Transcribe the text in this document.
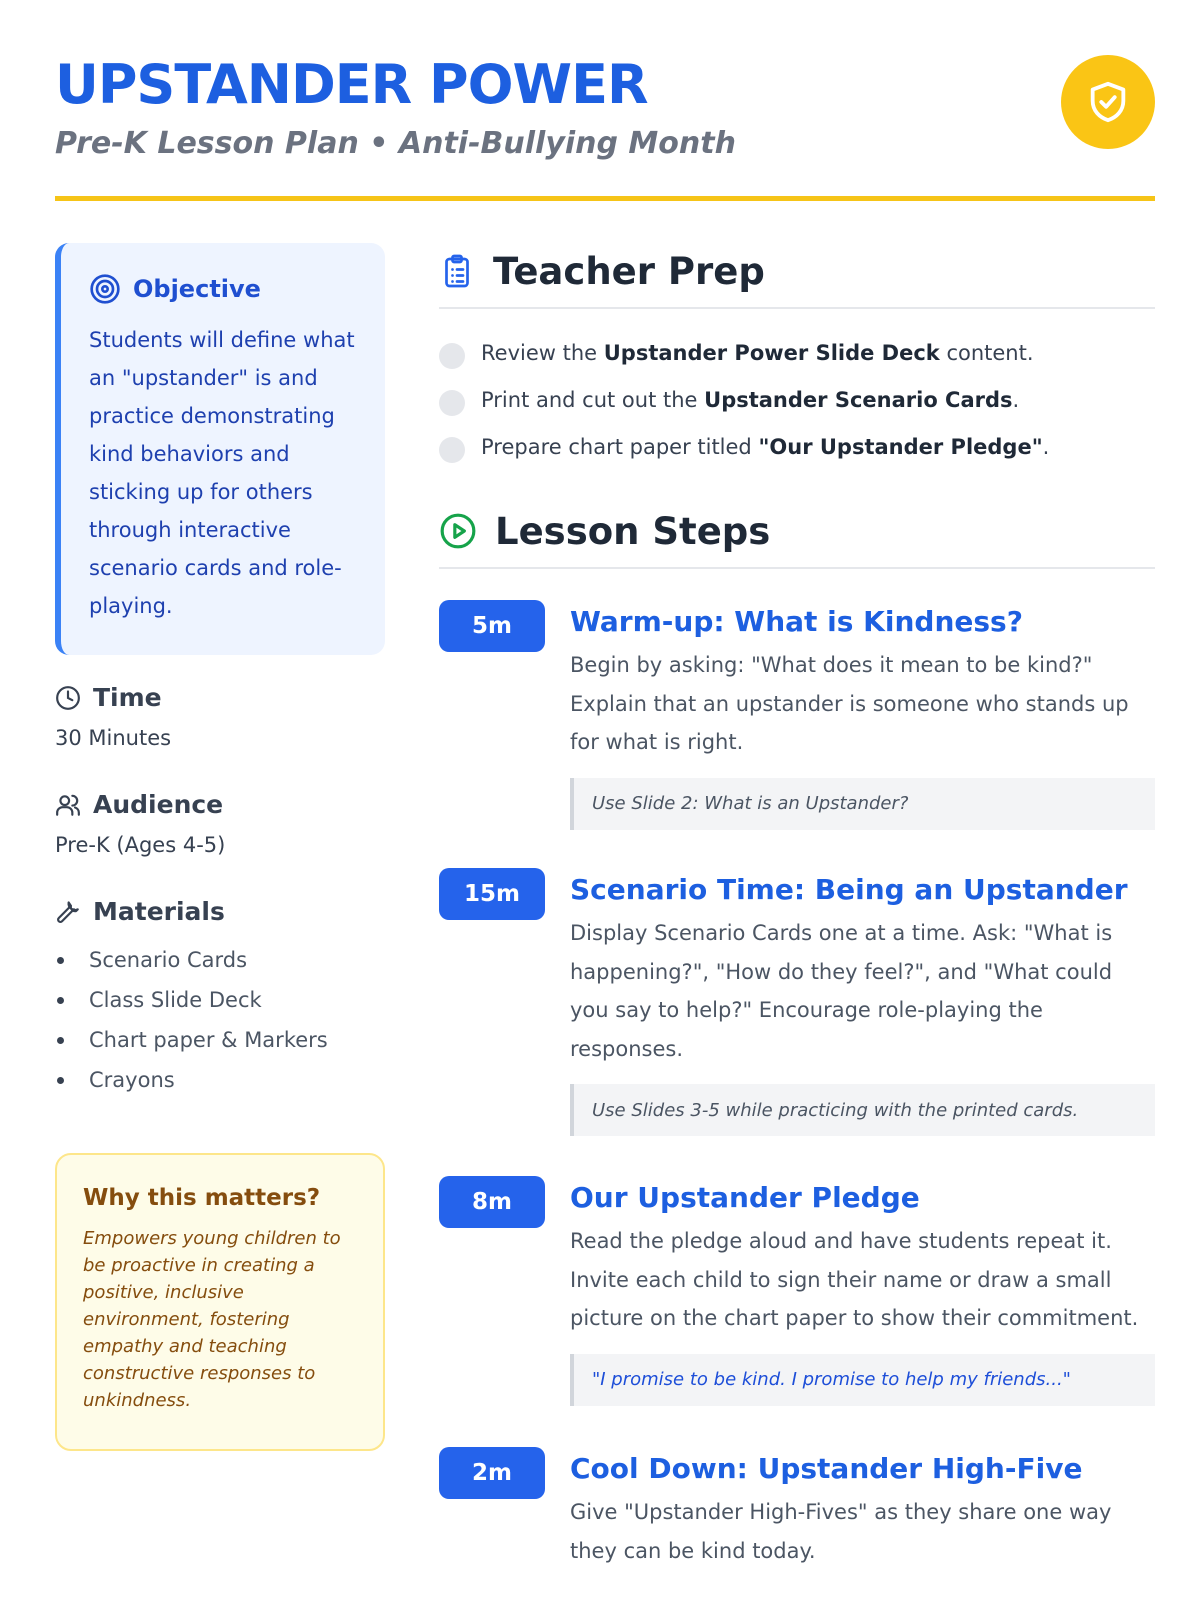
UPSTANDER POWER
Pre-K Lesson Plan • Anti-Bullying Month
Objective
Students will define what an "upstander" is and practice demonstrating kind behaviors and sticking up for others through interactive scenario cards and role-playing.
Time
30 Minutes
Audience
Pre-K (Ages 4-5)
Materials
Scenario Cards
Class Slide Deck
Chart paper & Markers
Crayons
Why this matters?
Empowers young children to be proactive in creating a positive, inclusive environment, fostering empathy and teaching constructive responses to unkindness.
Teacher Prep
Review the Upstander Power Slide Deck content.
Print and cut out the Upstander Scenario Cards.
Prepare chart paper titled "Our Upstander Pledge".
Lesson Steps
5m	Warm-up: What is Kindness?
Begin by asking: "What does it mean to be kind?" Explain that an upstander is someone who stands up for what is right.
Use Slide 2: What is an Upstander?
15m	Scenario Time: Being an Upstander
Display Scenario Cards one at a time. Ask: "What is happening?", "How do they feel?", and "What could you say to help?" Encourage role-playing the responses.
Use Slides 3-5 while practicing with the printed cards.
8m	Our Upstander Pledge
Read the pledge aloud and have students repeat it. Invite each child to sign their name or draw a small picture on the chart paper to show their commitment.
"I promise to be kind. I promise to help my friends..."
2m	Cool Down: Upstander High-Five
Give "Upstander High-Fives" as they share one way they can be kind today.
